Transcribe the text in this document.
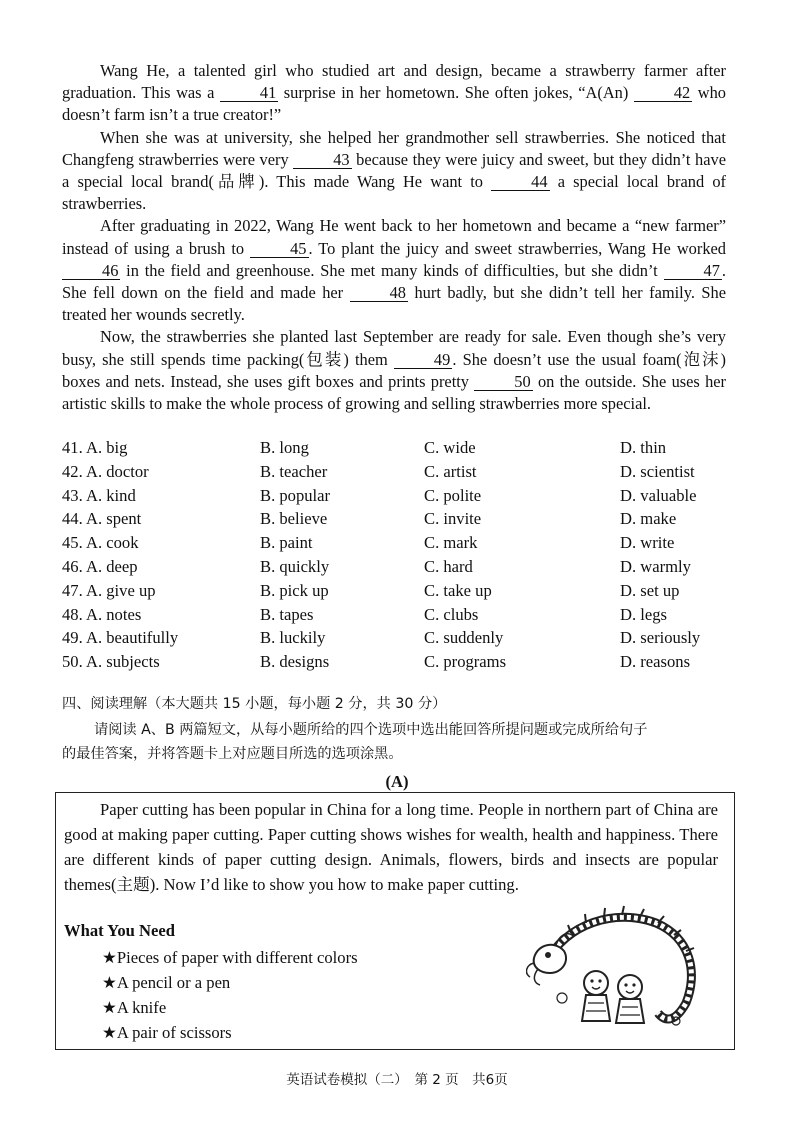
Wang He, a talented girl who studied art and design, became a strawberry farmer after graduation. This was a 41 surprise in her hometown. She often jokes, “A(An) 42 who doesn’t farm isn’t a true creator!”

When she was at university, she helped her grandmother sell strawberries. She noticed that Changfeng strawberries were very 43 because they were juicy and sweet, but they didn’t have a special local brand(品牌). This made Wang He want to 44 a special local brand of strawberries.

After graduating in 2022, Wang He went back to her hometown and became a “new farmer” instead of using a brush to 45 . To plant the juicy and sweet strawberries, Wang He worked 46 in the field and greenhouse. She met many kinds of difficulties, but she didn’t 47 . She fell down on the field and made her 48 hurt badly, but she didn’t tell her family. She treated her wounds secretly.

Now, the strawberries she planted last September are ready for sale. Even though she’s very busy, she still spends time packing(包装) them 49 . She doesn’t use the usual foam(泡沫) boxes and nets. Instead, she uses gift boxes and prints pretty 50 on the outside. She uses her artistic skills to make the whole process of growing and selling strawberries more special.

41. A. big	B. long	C. wide	D. thin
42. A. doctor	B. teacher	C. artist	D. scientist
43. A. kind	B. popular	C. polite	D. valuable
44. A. spent	B. believe	C. invite	D. make
45. A. cook	B. paint	C. mark	D. write
46. A. deep	B. quickly	C. hard	D. warmly
47. A. give up	B. pick up	C. take up	D. set up
48. A. notes	B. tapes	C. clubs	D. legs
49. A. beautifully	B. luckily	C. suddenly	D. seriously
50. A. subjects	B. designs	C. programs	D. reasons
四、阅读理解（本大题共 15 小题，每小题 2 分，共 30 分）

请阅读 A、B 两篇短文，从每小题所给的四个选项中选出能回答所提问题或完成所给句子

的最佳答案，并将答题卡上对应题目所选的选项涂黑。

(A)

Paper cutting has been popular in China for a long time. People in northern part of China are good at making paper cutting. Paper cutting shows wishes for wealth, health and happiness. There are different kinds of paper cutting design. Animals, flowers, birds and insects are popular themes(主题). Now I’d like to show you how to make paper cutting.

What You Need
★Pieces of paper with different colors
★A pencil or a pen
★A knife
★A pair of scissors
英语试卷模拟（二）　第 2 页　共6页
